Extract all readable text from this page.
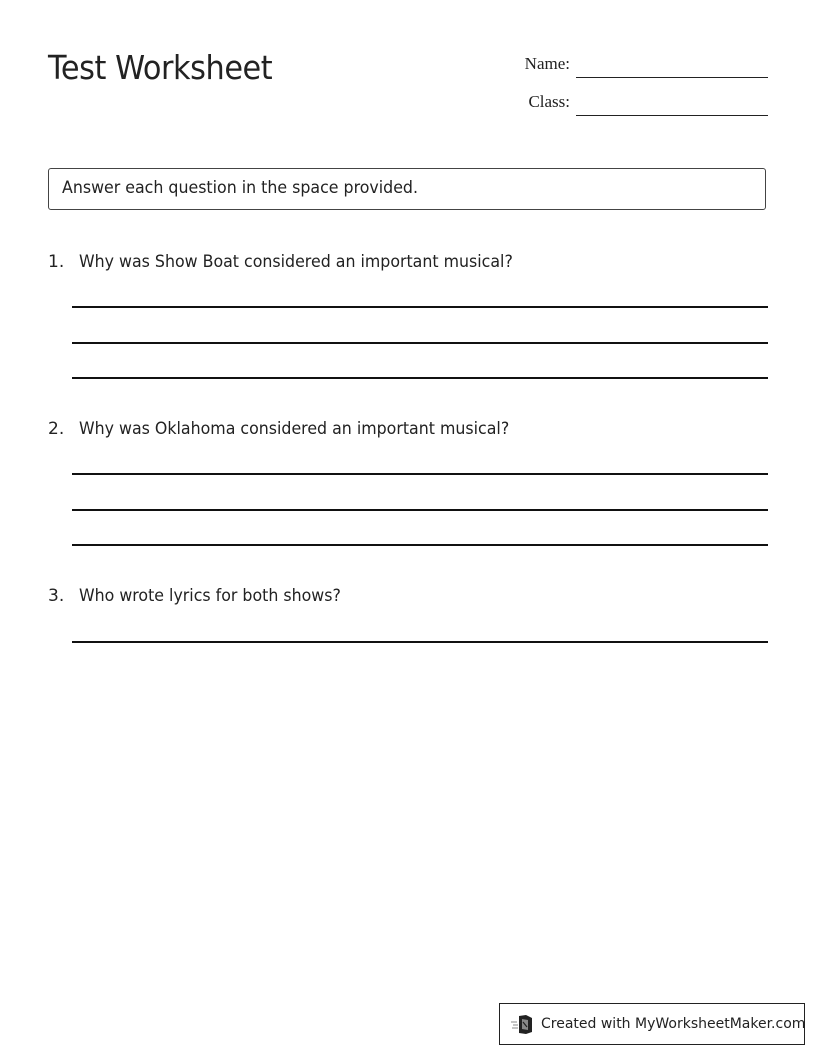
Test Worksheet	Name:
Class:
Answer each question in the space provided.
1. Why was Show Boat considered an important musical?
2. Why was Oklahoma considered an important musical?
3. Who wrote lyrics for both shows?
Created with MyWorksheetMaker.com
